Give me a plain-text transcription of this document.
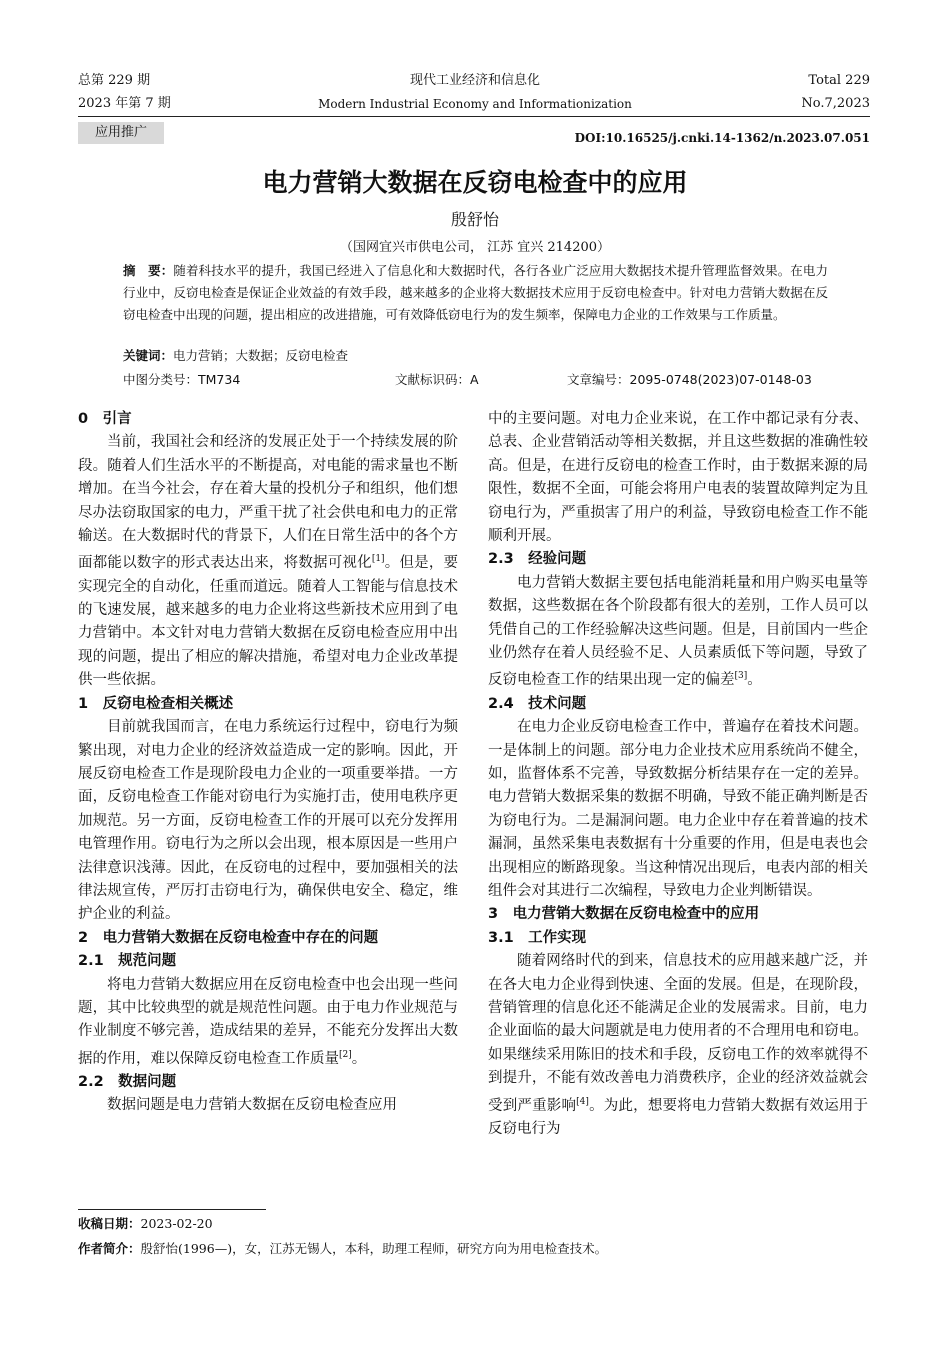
总第 229 期	现代工业经济和信息化	Total 229
2023 年第 7 期	Modern Industrial Economy and Informationization	No.7,2023
应用推广	DOI:10.16525/j.cnki.14-1362/n.2023.07.051
电力营销大数据在反窃电检查中的应用
殷舒怡
（国网宜兴市供电公司， 江苏 宜兴 214200）
摘　要：随着科技水平的提升，我国已经进入了信息化和大数据时代，各行各业广泛应用大数据技术提升管理监督效果。在电力行业中，反窃电检查是保证企业效益的有效手段，越来越多的企业将大数据技术应用于反窃电检查中。针对电力营销大数据在反窃电检查中出现的问题，提出相应的改进措施，可有效降低窃电行为的发生频率，保障电力企业的工作效果与工作质量。
关键词：电力营销；大数据；反窃电检查
中图分类号：TM734	文献标识码：A	文章编号：2095-0748(2023)07-0148-03
0　引言

当前，我国社会和经济的发展正处于一个持续发展的阶段。随着人们生活水平的不断提高，对电能的需求量也不断增加。在当今社会，存在着大量的投机分子和组织，他们想尽办法窃取国家的电力，严重干扰了社会供电和电力的正常输送。在大数据时代的背景下，人们在日常生活中的各个方面都能以数字的形式表达出来，将数据可视化[1]。但是，要实现完全的自动化，任重而道远。随着人工智能与信息技术的飞速发展，越来越多的电力企业将这些新技术应用到了电力营销中。本文针对电力营销大数据在反窃电检查应用中出现的问题，提出了相应的解决措施，希望对电力企业改革提供一些依据。

1　反窃电检查相关概述

目前就我国而言，在电力系统运行过程中，窃电行为频繁出现，对电力企业的经济效益造成一定的影响。因此，开展反窃电检查工作是现阶段电力企业的一项重要举措。一方面，反窃电检查工作能对窃电行为实施打击，使用电秩序更加规范。另一方面，反窃电检查工作的开展可以充分发挥用电管理作用。窃电行为之所以会出现，根本原因是一些用户法律意识浅薄。因此，在反窃电的过程中，要加强相关的法律法规宣传，严厉打击窃电行为，确保供电安全、稳定，维护企业的利益。

2　电力营销大数据在反窃电检查中存在的问题
2.1　规范问题

将电力营销大数据应用在反窃电检查中也会出现一些问题，其中比较典型的就是规范性问题。由于电力作业规范与作业制度不够完善，造成结果的差异，不能充分发挥出大数据的作用，难以保障反窃电检查工作质量[2]。

2.2　数据问题

数据问题是电力营销大数据在反窃电检查应用

中的主要问题。对电力企业来说，在工作中都记录有分表、总表、企业营销活动等相关数据，并且这些数据的准确性较高。但是，在进行反窃电的检查工作时，由于数据来源的局限性，数据不全面，可能会将用户电表的装置故障判定为且窃电行为，严重损害了用户的利益，导致窃电检查工作不能顺利开展。

2.3　经验问题

电力营销大数据主要包括电能消耗量和用户购买电量等数据，这些数据在各个阶段都有很大的差别，工作人员可以凭借自己的工作经验解决这些问题。但是，目前国内一些企业仍然存在着人员经验不足、人员素质低下等问题，导致了反窃电检查工作的结果出现一定的偏差[3]。

2.4　技术问题

在电力企业反窃电检查工作中，普遍存在着技术问题。一是体制上的问题。部分电力企业技术应用系统尚不健全，如，监督体系不完善，导致数据分析结果存在一定的差异。电力营销大数据采集的数据不明确，导致不能正确判断是否为窃电行为。二是漏洞问题。电力企业中存在着普遍的技术漏洞，虽然采集电表数据有十分重要的作用，但是电表也会出现相应的断路现象。当这种情况出现后，电表内部的相关组件会对其进行二次编程，导致电力企业判断错误。

3　电力营销大数据在反窃电检查中的应用
3.1　工作实现

随着网络时代的到来，信息技术的应用越来越广泛，并在各大电力企业得到快速、全面的发展。但是，在现阶段，营销管理的信息化还不能满足企业的发展需求。目前，电力企业面临的最大问题就是电力使用者的不合理用电和窃电。如果继续采用陈旧的技术和手段，反窃电工作的效率就得不到提升，不能有效改善电力消费秩序，企业的经济效益就会受到严重影响[4]。为此，想要将电力营销大数据有效运用于反窃电行为

收稿日期：2023-02-20
作者简介：殷舒怡(1996—)，女，江苏无锡人，本科，助理工程师，研究方向为用电检查技术。
